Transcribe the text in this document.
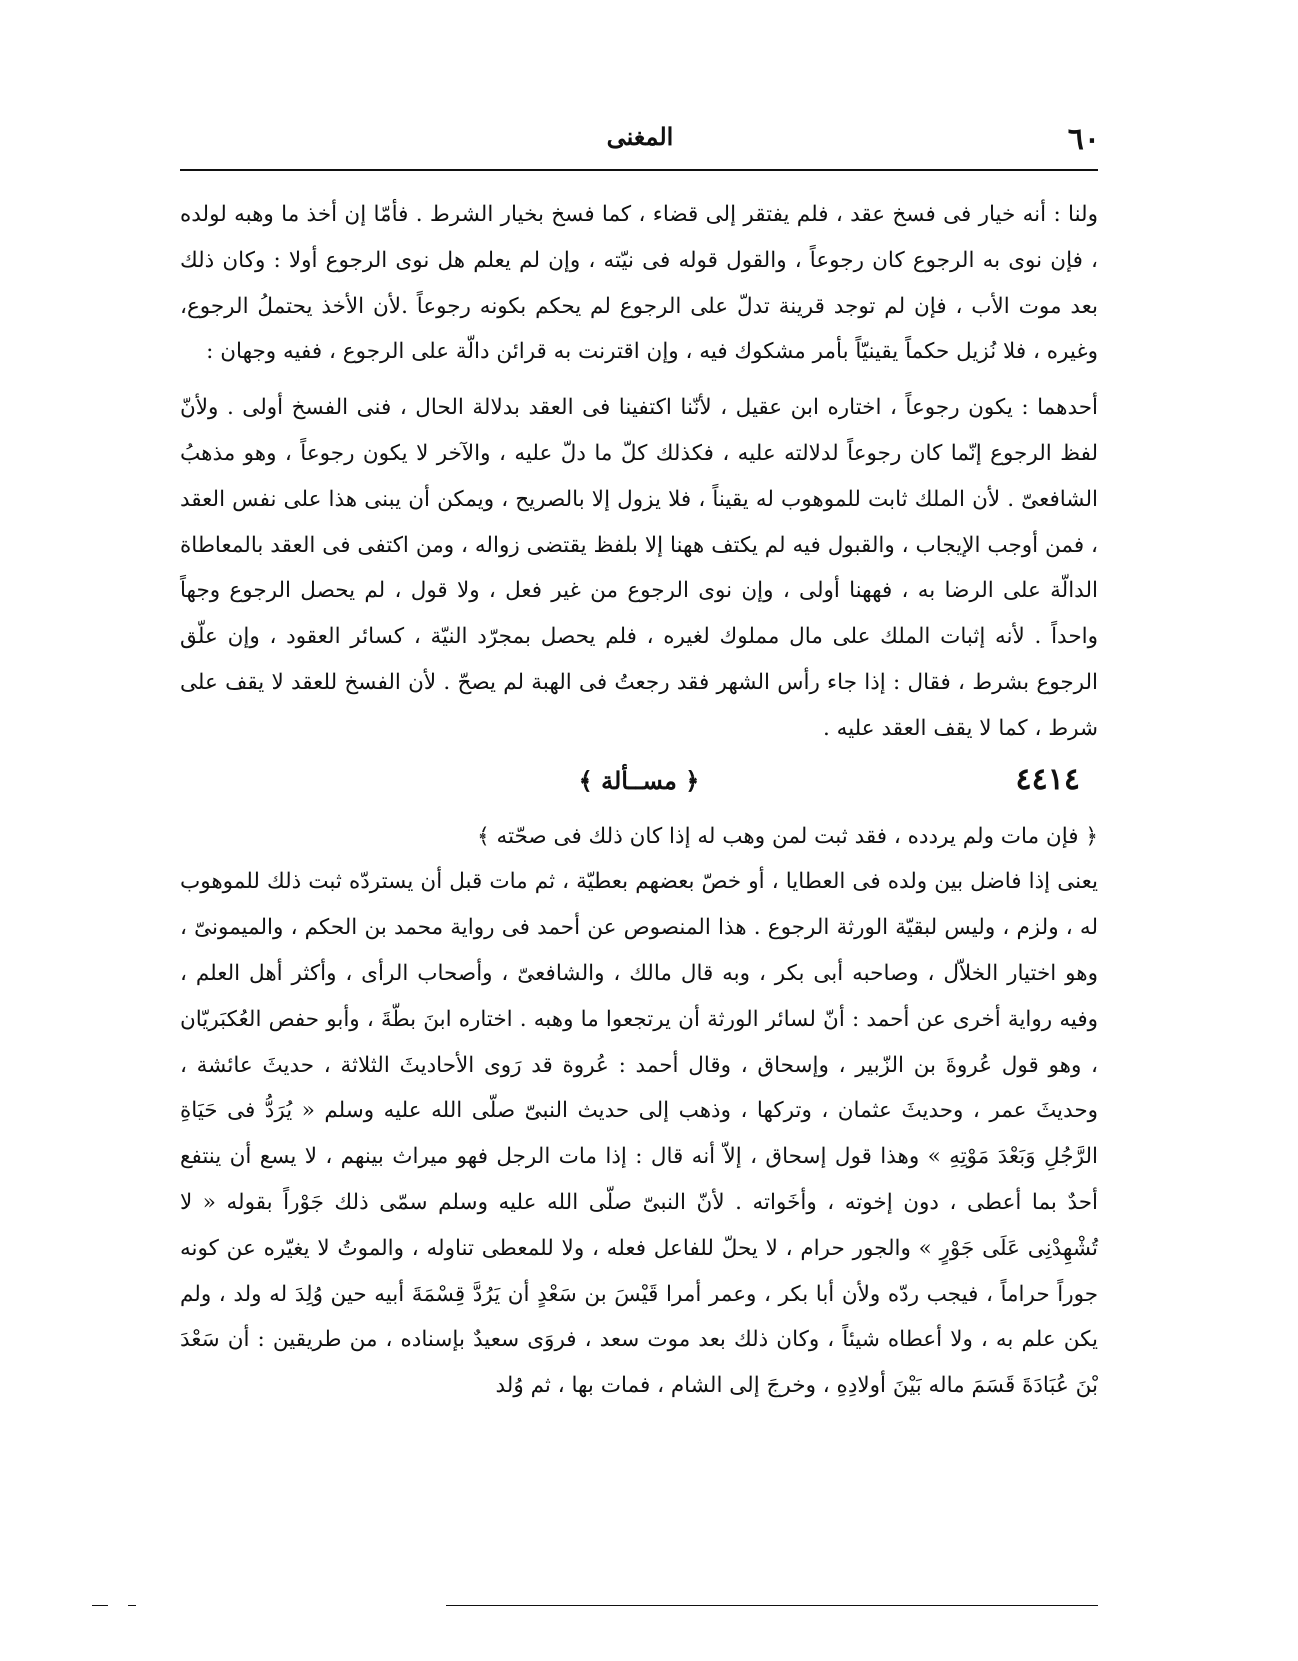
٦٠
المغنى

ولنا : أنه خيار فى فسخ عقد ، فلم يفتقر إلى قضاء ، كما فسخ بخيار الشرط . فأمّا إن أخذ ما وهبه لولده ، فإن نوى به الرجوع كان رجوعاً ، والقول قوله فى نيّته ، وإن لم يعلم هل نوى الرجوع أولا : وكان ذلك بعد موت الأب ، فإن لم توجد قرينة تدلّ على الرجوع لم يحكم بكونه رجوعاً .لأن الأخذ يحتملُ الرجوع، وغيره ، فلا نُزيل حكماً يقينيّاً بأمر مشكوك فيه ، وإن اقترنت به قرائن دالّة على الرجوع ، ففيه وجهان :

أحدهما : يكون رجوعاً ، اختاره ابن عقيل ، لأنّنا اكتفينا فى العقد بدلالة الحال ، فنى الفسخ أولى . ولأنّ لفظ الرجوع إنّما كان رجوعاً لدلالته عليه ، فكذلك كلّ ما دلّ عليه ، والآخر لا يكون رجوعاً ، وهو مذهبُ الشافعىّ . لأن الملك ثابت للموهوب له يقيناً ، فلا يزول إلا بالصريح ، ويمكن أن يبنى هذا على نفس العقد ، فمن أوجب الإيجاب ، والقبول فيه لم يكتف ههنا إلا بلفظ يقتضى زواله ، ومن اكتفى فى العقد بالمعاطاة الدالّة على الرضا به ، فههنا أولى ، وإن نوى الرجوع من غير فعل ، ولا قول ، لم يحصل الرجوع وجهاً واحداً . لأنه إثبات الملك على مال مملوك لغيره ، فلم يحصل بمجرّد النيّة ، كسائر العقود ، وإن علّق الرجوع بشرط ، فقال : إذا جاء رأس الشهر فقد رجعتُ فى الهبة لم يصحّ . لأن الفسخ للعقد لا يقف على شرط ، كما لا يقف العقد عليه .

٤٤١٤
﴿ مســألة ﴾

﴿ فإن مات ولم يردده ، فقد ثبت لمن وهب له إذا كان ذلك فى صحّته ﴾

يعنى إذا فاضل بين ولده فى العطايا ، أو خصّ بعضهم بعطيّة ، ثم مات قبل أن يستردّه ثبت ذلك للموهوب له ، ولزم ، وليس لبقيّة الورثة الرجوع . هذا المنصوص عن أحمد فى رواية محمد بن الحكم ، والميمونىّ ، وهو اختيار الخلاّل ، وصاحبه أبى بكر ، وبه قال مالك ، والشافعىّ ، وأصحاب الرأى ، وأكثر أهل العلم ، وفيه رواية أخرى عن أحمد : أنّ لسائر الورثة أن يرتجعوا ما وهبه . اختاره ابنَ بطّةَ ، وأبو حفص العُكبَريّان ، وهو قول عُروةَ بن الزّبير ، وإسحاق ، وقال أحمد : عُروة قد رَوى الأحاديثَ الثلاثة ، حديثَ عائشة ، وحديثَ عمر ، وحديثَ عثمان ، وتركها ، وذهب إلى حديث النبىّ صلّى الله عليه وسلم « يُرَدُّ فى حَيَاةِ الرَّجُلِ وَبَعْدَ مَوْتِهِ » وهذا قول إسحاق ، إلاّ أنه قال : إذا مات الرجل فهو ميراث بينهم ، لا يسع أن ينتفع أحدٌ بما أعطى ، دون إخوته ، وأخَواته . لأنّ النبىّ صلّى الله عليه وسلم سمّى ذلك جَوْراً بقوله « لا تُشْهِدْنِى عَلَى جَوْرٍ » والجور حرام ، لا يحلّ للفاعل فعله ، ولا للمعطى تناوله ، والموتُ لا يغيّره عن كونه جوراً حراماً ، فيجب ردّه ولأن أبا بكر ، وعمر أمرا قَيْسَ بن سَعْدٍ أن يَرُدَّ قِسْمَةَ أبيه حين وُلِدَ له ولد ، ولم يكن علم به ، ولا أعطاه شيئاً ، وكان ذلك بعد موت سعد ، فروَى سعيدٌ بإسناده ، من طريقين : أن سَعْدَ بْنَ عُبَادَةَ قَسَمَ ماله بَيْنَ أولادِهِ ، وخرجَ إلى الشام ، فمات بها ، ثم وُلد
